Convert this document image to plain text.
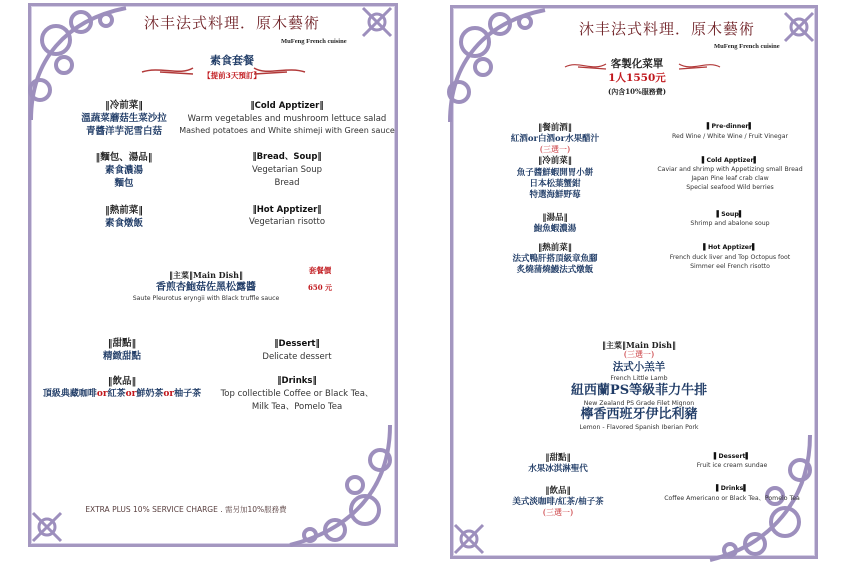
沐丰法式料理．原木藝術
MuFeng French cuisine
素食套餐
【提前3天預訂】
‖冷前菜‖
溫蔬菜蘑菇生菜沙拉
青醬洋芋泥雪白菇
‖Cold Apptizer‖
Warm vegetables and mushroom lettuce salad
Mashed potatoes and White shimeji with Green sauce
‖麵包、湯品‖
素食濃湯
麵包
‖Bread、Soup‖
Vegetarian Soup
Bread
‖熱前菜‖
素食燉飯
‖Hot Apptizer‖
Vegetarian risotto
‖主菜‖Main Dish‖
香煎杏鮑菇佐黑松露醬
Saute Pleurotus eryngii with Black truffle sauce
套餐價
650 元
‖甜點‖
精緻甜點
‖Dessert‖
Delicate dessert
‖飲品‖
頂級典藏咖啡or紅茶or鮮奶茶or柚子茶
‖Drinks‖
Top collectible Coffee or Black Tea、
Milk Tea、Pomelo Tea
EXTRA PLUS 10% SERVICE CHARGE . 需另加10%服務費
沐丰法式料理．原木藝術
MuFeng French cuisine
客製化菜單
1人1550元
(內含10%服務費)
‖餐前酒‖
紅酒or白酒or水果醋汁
(三選一)
▌Pre-dinner▌
Red Wine / White Wine / Fruit Vinegar
‖冷前菜‖
魚子醬鮮蝦開胃小餅
日本松葉蟹鉗
特選海鮮野莓
▌Cold Apptizer▌
Caviar and shrimp with Appetizing small Bread
Japan Pine leaf crab claw
Special seafood Wild berries
‖湯品‖
鮑魚蝦濃湯
▌Soup▌
Shrimp and abalone soup
‖熱前菜‖
法式鴨肝搭頂級章魚腳
炙燒蒲燒鰻法式燉飯
▌Hot Apptizer▌
French duck liver and Top Octopus foot
Simmer eel French risotto
‖主菜‖Main Dish‖
(三選一)
法式小羔羊
French Little Lamb
紐西蘭PS等級菲力牛排
New Zealand PS Grade Filet Mignon
檸香西班牙伊比利豬
Lemon - Flavored Spanish Iberian Pork
‖甜點‖
水果冰淇淋聖代
▌Dessert▌
Fruit ice cream sundae
‖飲品‖
美式淡咖啡/紅茶/柚子茶
(三選一)
▌Drinks▌
Coffee Americano or Black Tea、Pomelo Tea
